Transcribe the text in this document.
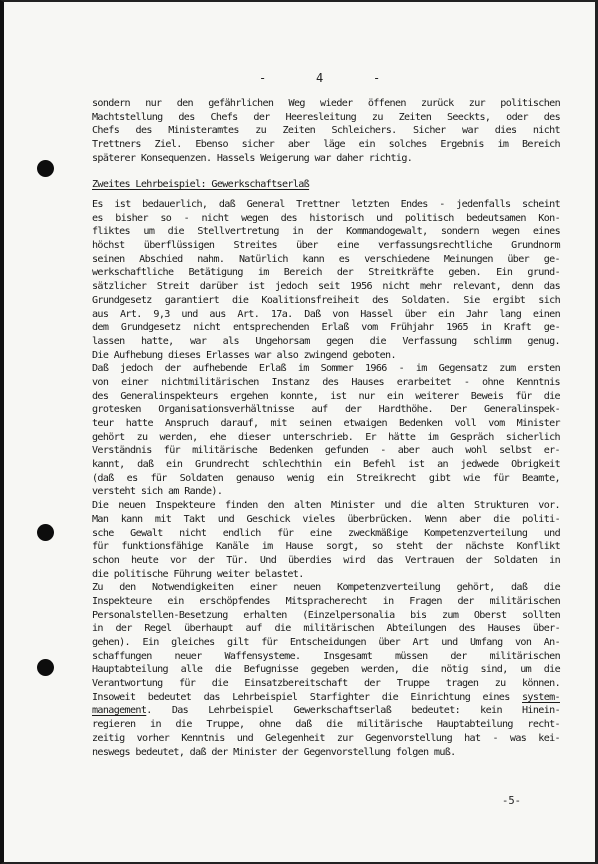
-	4	-
sondern nur den gefährlichen Weg wieder öffenen zurück zur politischen
Machtstellung des Chefs der Heeresleitung zu Zeiten Seeckts, oder des
Chefs des Ministeramtes zu Zeiten Schleichers. Sicher war dies nicht
Trettners Ziel. Ebenso sicher aber läge ein solches Ergebnis im Bereich
späterer Konsequenzen. Hassels Weigerung war daher richtig.
Zweites Lehrbeispiel: Gewerkschaftserlaß
Es ist bedauerlich, daß General Trettner letzten Endes - jedenfalls scheint
es bisher so - nicht wegen des historisch und politisch bedeutsamen Kon-
fliktes um die Stellvertretung in der Kommandogewalt, sondern wegen eines
höchst überflüssigen Streites über eine verfassungsrechtliche Grundnorm
seinen Abschied nahm. Natürlich kann es verschiedene Meinungen über ge-
werkschaftliche Betätigung im Bereich der Streitkräfte geben. Ein grund-
sätzlicher Streit darüber ist jedoch seit 1956 nicht mehr relevant, denn das
Grundgesetz garantiert die Koalitionsfreiheit des Soldaten. Sie ergibt sich
aus Art. 9,3 und aus Art. 17a. Daß von Hassel über ein Jahr lang einen
dem Grundgesetz nicht entsprechenden Erlaß vom Frühjahr 1965 in Kraft ge-
lassen hatte, war als Ungehorsam gegen die Verfassung schlimm genug.
Die Aufhebung dieses Erlasses war also zwingend geboten.
Daß jedoch der aufhebende Erlaß im Sommer 1966 - im Gegensatz zum ersten
von einer nichtmilitärischen Instanz des Hauses erarbeitet - ohne Kenntnis
des Generalinspekteurs ergehen konnte, ist nur ein weiterer Beweis für die
grotesken Organisationsverhältnisse auf der Hardthöhe. Der Generalinspek-
teur hatte Anspruch darauf, mit seinen etwaigen Bedenken voll vom Minister
gehört zu werden, ehe dieser unterschrieb. Er hätte im Gespräch sicherlich
Verständnis für militärische Bedenken gefunden - aber auch wohl selbst er-
kannt, daß ein Grundrecht schlechthin ein Befehl ist an jedwede Obrigkeit
(daß es für Soldaten genauso wenig ein Streikrecht gibt wie für Beamte,
versteht sich am Rande).
Die neuen Inspekteure finden den alten Minister und die alten Strukturen vor.
Man kann mit Takt und Geschick vieles überbrücken. Wenn aber die politi-
sche Gewalt nicht endlich für eine zweckmäßige Kompetenzverteilung und
für funktionsfähige Kanäle im Hause sorgt, so steht der nächste Konflikt
schon heute vor der Tür. Und überdies wird das Vertrauen der Soldaten in
die politische Führung weiter belastet.
Zu den Notwendigkeiten einer neuen Kompetenzverteilung gehört, daß die
Inspekteure ein erschöpfendes Mitspracherecht in Fragen der militärischen
Personalstellen-Besetzung erhalten (Einzelpersonalia bis zum Oberst sollten
in der Regel überhaupt auf die militärischen Abteilungen des Hauses über-
gehen). Ein gleiches gilt für Entscheidungen über Art und Umfang von An-
schaffungen neuer Waffensysteme. Insgesamt müssen der militärischen
Hauptabteilung alle die Befugnisse gegeben werden, die nötig sind, um die
Verantwortung für die Einsatzbereitschaft der Truppe tragen zu können.
Insoweit bedeutet das Lehrbeispiel Starfighter die Einrichtung eines system-
management. Das Lehrbeispiel Gewerkschaftserlaß bedeutet: kein Hinein-
regieren in die Truppe, ohne daß die militärische Hauptabteilung recht-
zeitig vorher Kenntnis und Gelegenheit zur Gegenvorstellung hat - was kei-
neswegs bedeutet, daß der Minister der Gegenvorstellung folgen muß.
-5-
